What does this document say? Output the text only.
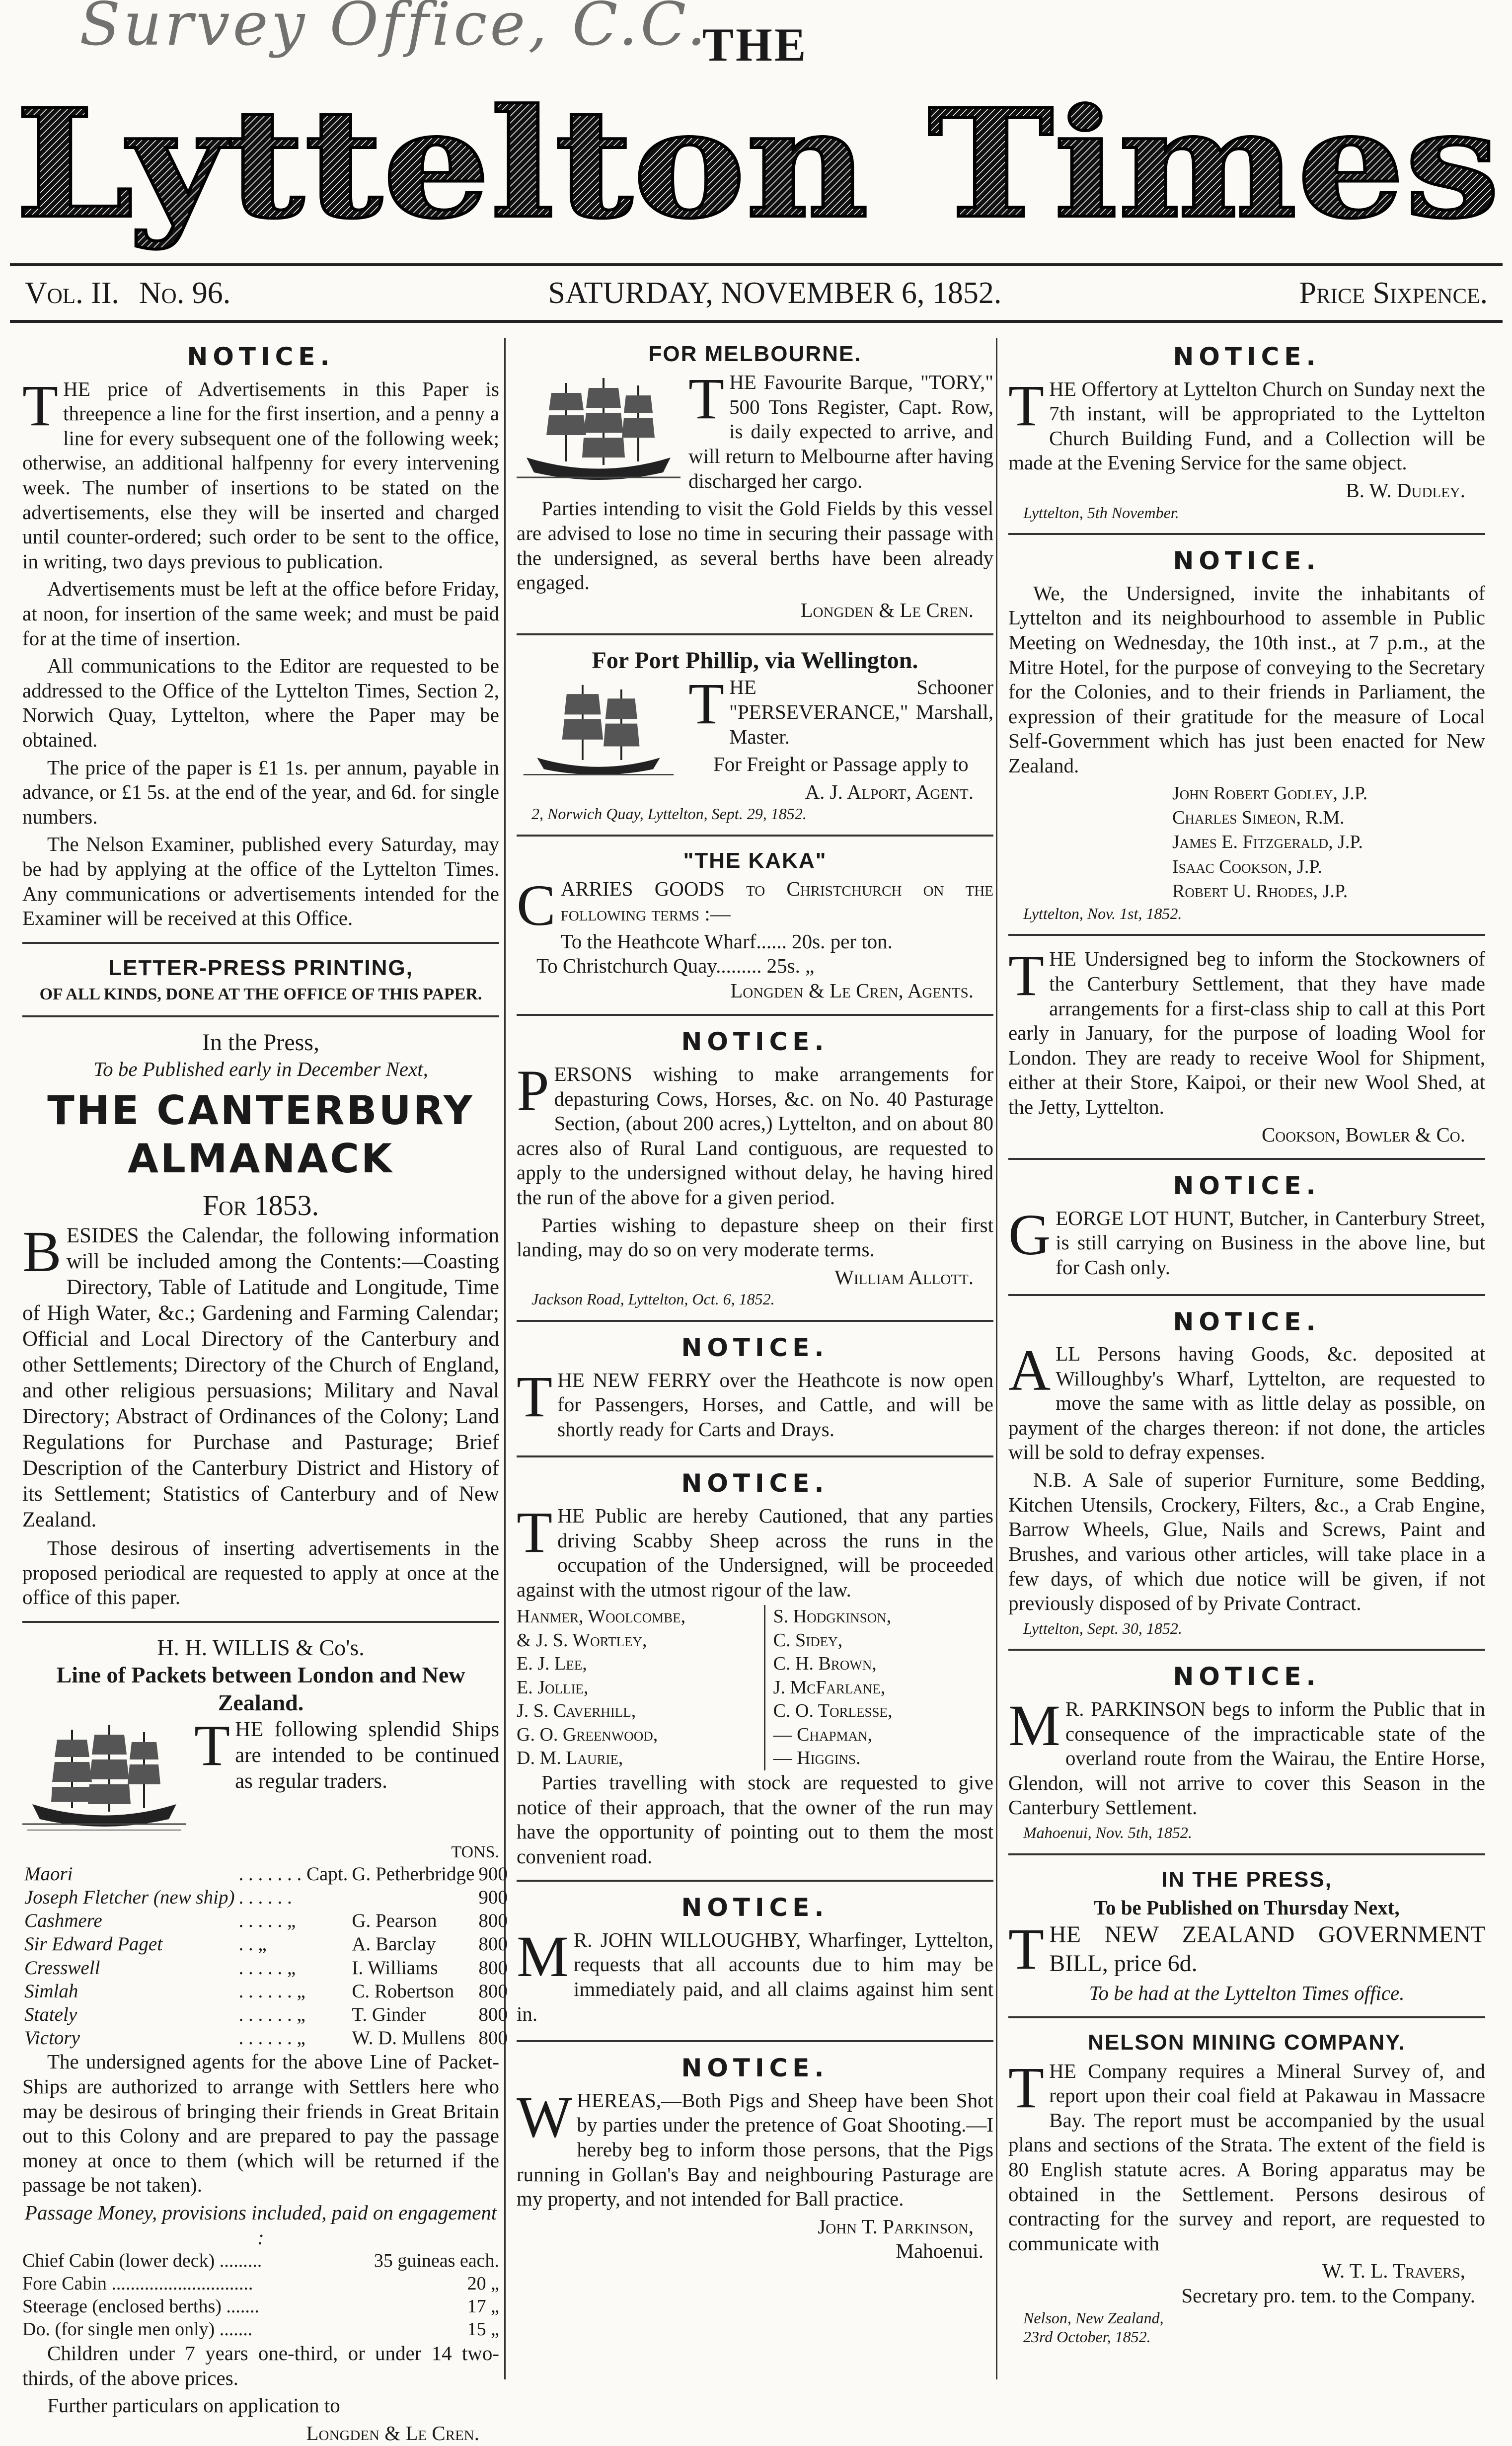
Survey Office, C.C.
THE
Lyttelton Times
Vol. II. No. 96.	SATURDAY, NOVEMBER 6, 1852.	Price Sixpence.
NOTICE.

THE price of Advertisements in this Paper is threepence a line for the first insertion, and a penny a line for every subsequent one of the following week; otherwise, an additional halfpenny for every intervening week. The number of insertions to be stated on the advertisements, else they will be inserted and charged until counter-ordered; such order to be sent to the office, in writing, two days previous to publication.

Advertisements must be left at the office before Friday, at noon, for insertion of the same week; and must be paid for at the time of insertion.

All communications to the Editor are requested to be addressed to the Office of the Lyttelton Times, Section 2, Norwich Quay, Lyttelton, where the Paper may be obtained.

The price of the paper is £1 1s. per annum, payable in advance, or £1 5s. at the end of the year, and 6d. for single numbers.

The Nelson Examiner, published every Saturday, may be had by applying at the office of the Lyttelton Times. Any communications or advertisements intended for the Examiner will be received at this Office.

LETTER-PRESS PRINTING,
OF ALL KINDS, DONE AT THE OFFICE OF THIS PAPER.
In the Press,
To be Published early in December Next,
THE CANTERBURY ALMANACK
For 1853.

BESIDES the Calendar, the following information will be included among the Contents:—Coasting Directory, Table of Latitude and Longitude, Time of High Water, &c.; Gardening and Farming Calendar; Official and Local Directory of the Canterbury and other Settlements; Directory of the Church of England, and other religious persuasions; Military and Naval Directory; Abstract of Ordinances of the Colony; Land Regulations for Purchase and Pasturage; Brief Description of the Canterbury District and History of its Settlement; Statistics of Canterbury and of New Zealand.

Those desirous of inserting advertisements in the proposed periodical are requested to apply at once at the office of this paper.

H. H. WILLIS & Co's.
Line of Packets between London and New Zealand.

THE following splendid Ships are intended to be continued as regular traders.

TONS.
Maori	. . . . . . . Capt.	G. Petherbridge	900
Joseph Fletcher (new ship)	. . . . . .		900
Cashmere	. . . . . „	G. Pearson	800
Sir Edward Paget	. . „	A. Barclay	800
Cresswell	. . . . . „	I. Williams	800
Simlah	. . . . . . „	C. Robertson	800
Stately	. . . . . . „	T. Ginder	800
Victory	. . . . . . „	W. D. Mullens	800

The undersigned agents for the above Line of Packet-Ships are authorized to arrange with Settlers here who may be desirous of bringing their friends in Great Britain out to this Colony and are prepared to pay the passage money at once to them (which will be returned if the passage be not taken).

Passage Money, provisions included, paid on engagement :
Chief Cabin (lower deck) .........	35 guineas each.
Fore Cabin ..............................	20 „
Steerage (enclosed berths) .......	17 „
Do. (for single men only) .......	15 „

Children under 7 years one-third, or under 14 two-thirds, of the above prices.

Further particulars on application to

Longden & Le Cren.
FOR MELBOURNE.

THE Favourite Barque, "TORY," 500 Tons Register, Capt. Row, is daily expected to arrive, and will return to Melbourne after having discharged her cargo.

Parties intending to visit the Gold Fields by this vessel are advised to lose no time in securing their passage with the undersigned, as several berths have been already engaged.

Longden & Le Cren.
For Port Phillip, via Wellington.

THE Schooner "PERSEVERANCE," Marshall, Master.

For Freight or Passage apply to

A. J. Alport, Agent.
2, Norwich Quay, Lyttelton, Sept. 29, 1852.
"THE KAKA"

CARRIES GOODS to Christchurch on the following terms :—

To the Heathcote Wharf...... 20s. per ton.
To Christchurch Quay......... 25s. „
Longden & Le Cren, Agents.
NOTICE.

PERSONS wishing to make arrangements for depasturing Cows, Horses, &c. on No. 40 Pasturage Section, (about 200 acres,) Lyttelton, and on about 80 acres also of Rural Land contiguous, are requested to apply to the undersigned without delay, he having hired the run of the above for a given period.

Parties wishing to depasture sheep on their first landing, may do so on very moderate terms.

William Allott.
Jackson Road, Lyttelton, Oct. 6, 1852.
NOTICE.

THE NEW FERRY over the Heathcote is now open for Passengers, Horses, and Cattle, and will be shortly ready for Carts and Drays.

NOTICE.

THE Public are hereby Cautioned, that any parties driving Scabby Sheep across the runs in the occupation of the Undersigned, will be proceeded against with the utmost rigour of the law.

Hanmer, Woolcombe,
& J. S. Wortley,
E. J. Lee,
E. Jollie,
J. S. Caverhill,
G. O. Greenwood,
D. M. Laurie,
S. Hodgkinson,
C. Sidey,
C. H. Brown,
J. McFarlane,
C. O. Torlesse,
— Chapman,
— Higgins.

Parties travelling with stock are requested to give notice of their approach, that the owner of the run may have the opportunity of pointing out to them the most convenient road.

NOTICE.

M R. JOHN WILLOUGHBY, Wharfinger, Lyttelton, requests that all accounts due to him may be immediately paid, and all claims against him sent in.

NOTICE.

WHEREAS,—Both Pigs and Sheep have been Shot by parties under the pretence of Goat Shooting.—I hereby beg to inform those persons, that the Pigs running in Gollan's Bay and neighbouring Pasturage are my property, and not intended for Ball practice.

John T. Parkinson,
Mahoenui.
NOTICE.

THE Offertory at Lyttelton Church on Sunday next the 7th instant, will be appropriated to the Lyttelton Church Building Fund, and a Collection will be made at the Evening Service for the same object.

B. W. Dudley.
Lyttelton, 5th November.
NOTICE.

We, the Undersigned, invite the inhabitants of Lyttelton and its neighbourhood to assemble in Public Meeting on Wednesday, the 10th inst., at 7 p.m., at the Mitre Hotel, for the purpose of conveying to the Secretary for the Colonies, and to their friends in Parliament, the expression of their gratitude for the measure of Local Self-Government which has just been enacted for New Zealand.

John Robert Godley, J.P.
Charles Simeon, R.M.
James E. Fitzgerald, J.P.
Isaac Cookson, J.P.
Robert U. Rhodes, J.P.
Lyttelton, Nov. 1st, 1852.

THE Undersigned beg to inform the Stockowners of the Canterbury Settlement, that they have made arrangements for a first-class ship to call at this Port early in January, for the purpose of loading Wool for London. They are ready to receive Wool for Shipment, either at their Store, Kaipoi, or their new Wool Shed, at the Jetty, Lyttelton.

Cookson, Bowler & Co.
NOTICE.

GEORGE LOT HUNT, Butcher, in Canterbury Street, is still carrying on Business in the above line, but for Cash only.

NOTICE.

ALL Persons having Goods, &c. deposited at Willoughby's Wharf, Lyttelton, are requested to move the same with as little delay as possible, on payment of the charges thereon: if not done, the articles will be sold to defray expenses.

N.B. A Sale of superior Furniture, some Bedding, Kitchen Utensils, Crockery, Filters, &c., a Crab Engine, Barrow Wheels, Glue, Nails and Screws, Paint and Brushes, and various other articles, will take place in a few days, of which due notice will be given, if not previously disposed of by Private Contract.

Lyttelton, Sept. 30, 1852.
NOTICE.

M R. PARKINSON begs to inform the Public that in consequence of the impracticable state of the overland route from the Wairau, the Entire Horse, Glendon, will not arrive to cover this Season in the Canterbury Settlement.

Mahoenui, Nov. 5th, 1852.
IN THE PRESS,
To be Published on Thursday Next,

THE NEW ZEALAND GOVERNMENT BILL, price 6d.

To be had at the Lyttelton Times office.
NELSON MINING COMPANY.

THE Company requires a Mineral Survey of, and report upon their coal field at Pakawau in Massacre Bay. The report must be accompanied by the usual plans and sections of the Strata. The extent of the field is 80 English statute acres. A Boring apparatus may be obtained in the Settlement. Persons desirous of contracting for the survey and report, are requested to communicate with

W. T. L. Travers,
Secretary pro. tem. to the Company.
Nelson, New Zealand,
23rd October, 1852.
